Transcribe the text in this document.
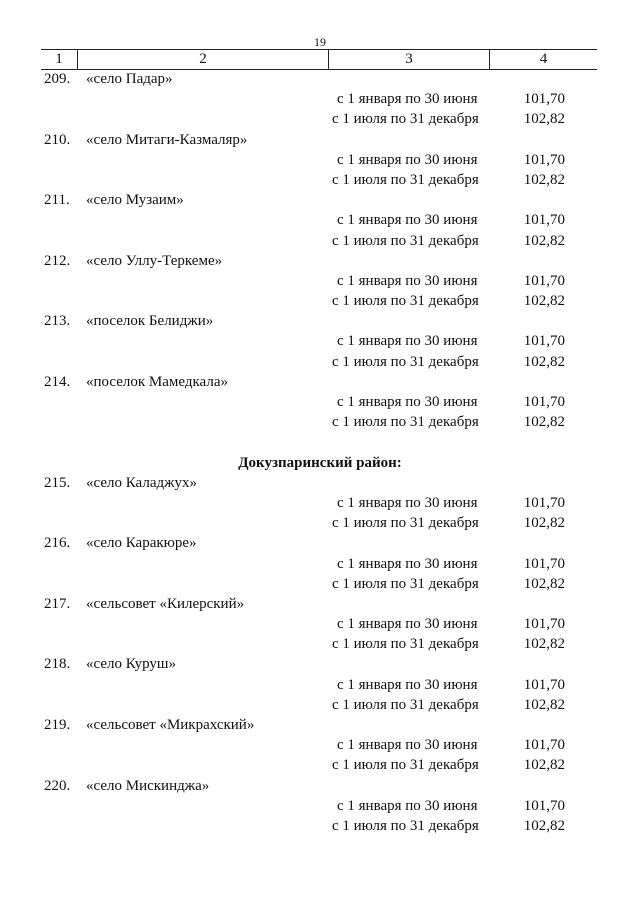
19
1	2	3	4
209.	«село Падар»
с 1 января по 30 июня	101,70
с 1 июля по 31 декабря	102,82
210.	«село Митаги-Казмаляр»
с 1 января по 30 июня	101,70
с 1 июля по 31 декабря	102,82
211.	«село Музаим»
с 1 января по 30 июня	101,70
с 1 июля по 31 декабря	102,82
212.	«село Уллу-Теркеме»
с 1 января по 30 июня	101,70
с 1 июля по 31 декабря	102,82
213.	«поселок Белиджи»
с 1 января по 30 июня	101,70
с 1 июля по 31 декабря	102,82
214.	«поселок Мамедкала»
с 1 января по 30 июня	101,70
с 1 июля по 31 декабря	102,82
Докузпаринский район:
215.	«село Каладжух»
с 1 января по 30 июня	101,70
с 1 июля по 31 декабря	102,82
216.	«село Каракюре»
с 1 января по 30 июня	101,70
с 1 июля по 31 декабря	102,82
217.	«сельсовет «Килерский»
с 1 января по 30 июня	101,70
с 1 июля по 31 декабря	102,82
218.	«село Куруш»
с 1 января по 30 июня	101,70
с 1 июля по 31 декабря	102,82
219.	«сельсовет «Микрахский»
с 1 января по 30 июня	101,70
с 1 июля по 31 декабря	102,82
220.	«село Мискинджа»
с 1 января по 30 июня	101,70
с 1 июля по 31 декабря	102,82
